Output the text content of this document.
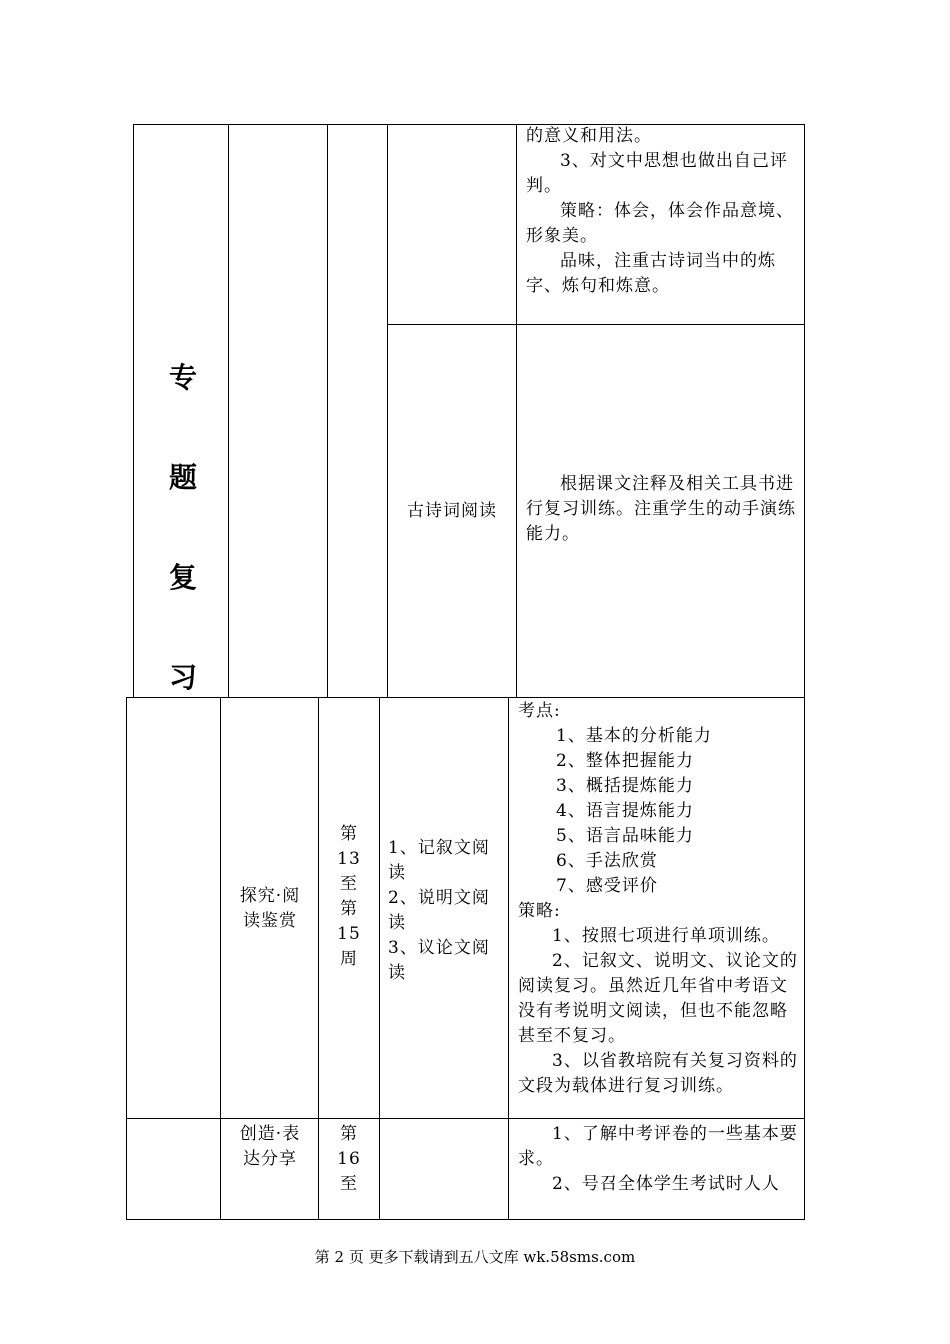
专
题
复
习

的意义和用法。

3、对文中思想也做出自己评判。

策略：体会，体会作品意境、形象美。

品味，注重古诗词当中的炼字、炼句和炼意。

古诗词阅读

根据课文注释及相关工具书进行复习训练。注重学生的动手演练能力。

探究·阅读鉴赏
第
13
至
第
15
周

1、记叙文阅读

2、说明文阅读

3、议论文阅读

考点:

1、基本的分析能力

2、整体把握能力

3、概括提炼能力

4、语言提炼能力

5、语言品味能力

6、手法欣赏

7、感受评价

策略:

1、按照七项进行单项训练。

2、记叙文、说明文、议论文的阅读复习。虽然近几年省中考语文没有考说明文阅读，但也不能忽略甚至不复习。

3、以省教培院有关复习资料的文段为载体进行复习训练。

创造·表达分享
第
16
至

1、了解中考评卷的一些基本要求。

2、号召全体学生考试时人人

第 2 页 更多下载请到五八文库 wk.58sms.com
